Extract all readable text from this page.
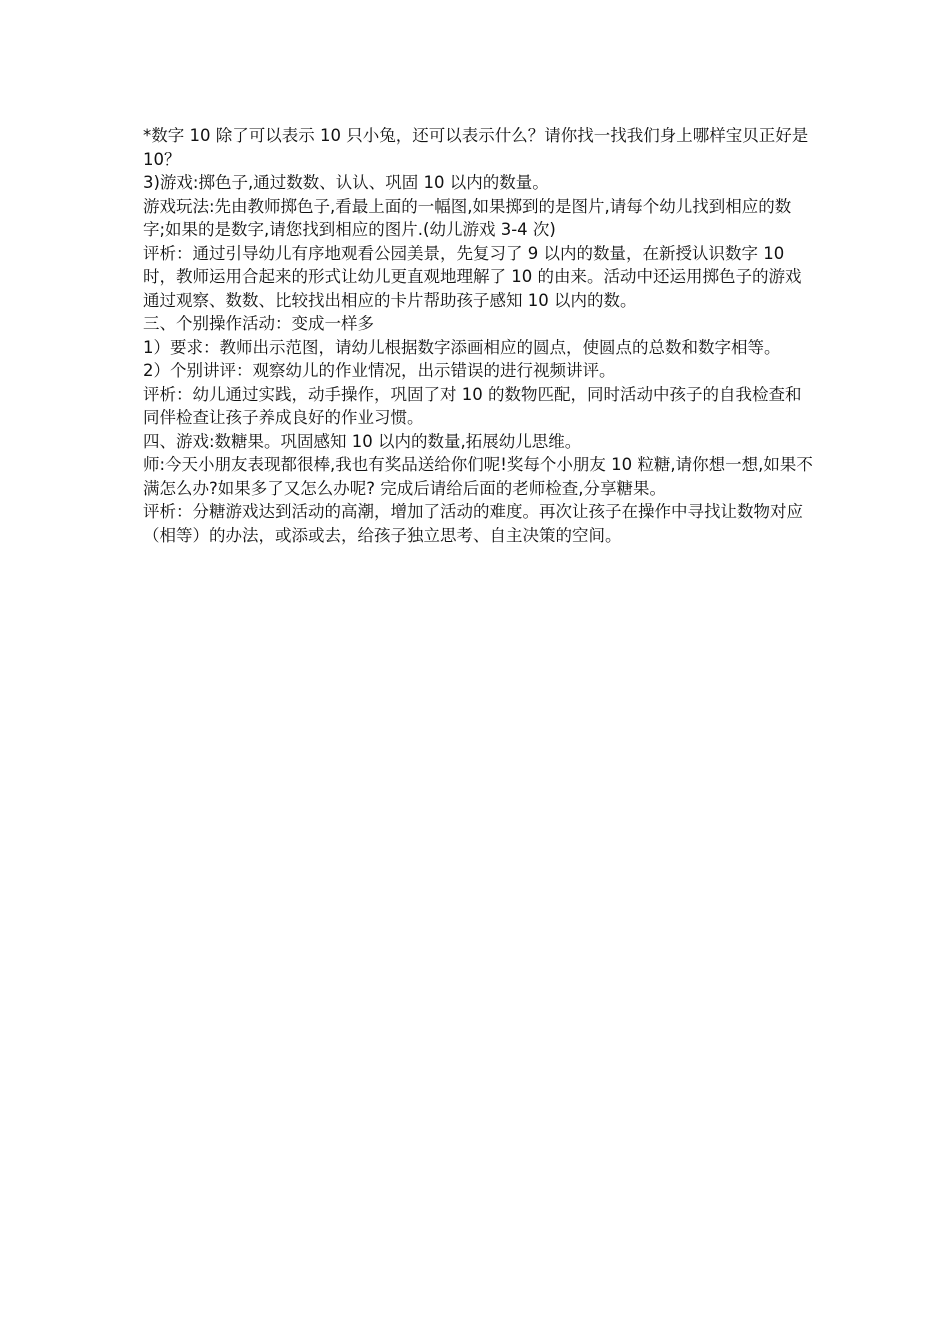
*数字 10 除了可以表示 10 只小兔，还可以表示什么？请你找一找我们身上哪样宝贝正好是 10？

3)游戏:掷色子,通过数数、认认、巩固 10 以内的数量。

游戏玩法:先由教师掷色子,看最上面的一幅图,如果掷到的是图片,请每个幼儿找到相应的数字;如果的是数字,请您找到相应的图片.(幼儿游戏 3-4 次)

评析：通过引导幼儿有序地观看公园美景，先复习了 9 以内的数量，在新授认识数字 10 时，教师运用合起来的形式让幼儿更直观地理解了 10 的由来。活动中还运用掷色子的游戏通过观察、数数、比较找出相应的卡片帮助孩子感知 10 以内的数。

三、个别操作活动：变成一样多

1）要求：教师出示范图，请幼儿根据数字添画相应的圆点，使圆点的总数和数字相等。

2）个别讲评：观察幼儿的作业情况，出示错误的进行视频讲评。

评析：幼儿通过实践，动手操作，巩固了对 10 的数物匹配，同时活动中孩子的自我检查和同伴检查让孩子养成良好的作业习惯。

四、游戏:数糖果。巩固感知 10 以内的数量,拓展幼儿思维。

师:今天小朋友表现都很棒,我也有奖品送给你们呢!奖每个小朋友 10 粒糖,请你想一想,如果不满怎么办?如果多了又怎么办呢? 完成后请给后面的老师检查,分享糖果。

评析：分糖游戏达到活动的高潮，增加了活动的难度。再次让孩子在操作中寻找让数物对应（相等）的办法，或添或去，给孩子独立思考、自主决策的空间。
